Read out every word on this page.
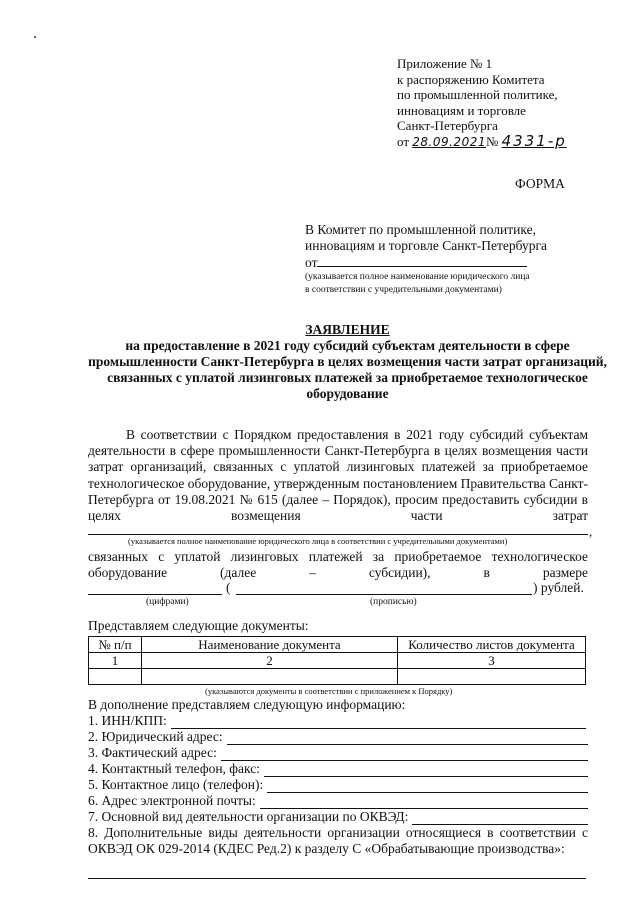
Приложение № 1
к распоряжению Комитета
по промышленной политике,
инновациям и торговле
Санкт-Петербурга
от 28.09.2021№ 4331-р
ФОРМА
В Комитет по промышленной политике,
инновациям и торговле Санкт-Петербурга
от
(указывается полное наименование юридического лица
в соответствии с учредительными документами)
ЗАЯВЛЕНИЕ
на предоставление в 2021 году субсидий субъектам деятельности в сфере промышленности Санкт-Петербурга в целях возмещения части затрат организаций, связанных с уплатой лизинговых платежей за приобретаемое технологическое оборудование

В соответствии с Порядком предоставления в 2021 году субсидий субъектам деятельности в сфере промышленности Санкт-Петербурга в целях возмещения части затрат организаций, связанных с уплатой лизинговых платежей за приобретаемое технологическое оборудование, утвержденным постановлением Правительства Санкт-Петербурга от 19.08.2021 № 615 (далее – Порядок), просим предоставить субсидии в целях возмещения части затрат

,
(указывается полное наименование юридического лица в соответствии с учредительными документами)
связанных с уплатой лизинговых платежей за приобретаемое технологическое оборудование (далее – субсидии), в размере
(	) рублей.
(цифрами)	(прописью)
Представляем следующие документы:
№ п/п	Наименование документа	Количество листов документа
1	2	3

(указываются документы в соответствии с приложением к Порядку)
В дополнение представляем следующую информацию:
1. ИНН/КПП:
2. Юридический адрес:
3. Фактический адрес:
4. Контактный телефон, факс:
5. Контактное лицо (телефон):
6. Адрес электронной почты:
7. Основной вид деятельности организации по ОКВЭД:
8. Дополнительные виды деятельности организации относящиеся в соответствии с ОКВЭД ОК 029-2014 (КДЕС Ред.2) к разделу С «Обрабатывающие производства»:
